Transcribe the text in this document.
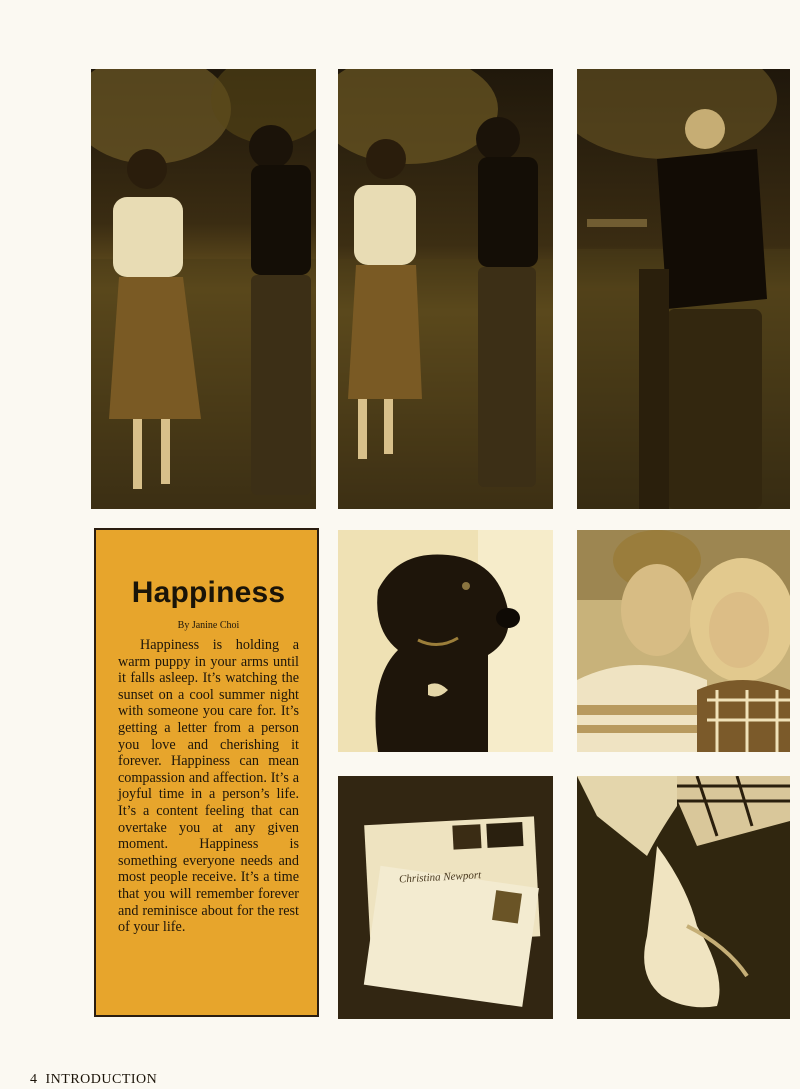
Happiness
By Janine Choi

Happiness is holding a warm puppy in your arms until it falls asleep. It’s watching the sunset on a cool summer night with someone you care for. It’s getting a letter from a person you love and cherishing it forever. Happiness can mean compassion and affection. It’s a joyful time in a person’s life. It’s a content feeling that can overtake you at any given moment. Happiness is something everyone needs and most people receive. It’s a time that you will remember forever and reminisce about for the rest of your life.

Christina Newport
4 INTRODUCTION
